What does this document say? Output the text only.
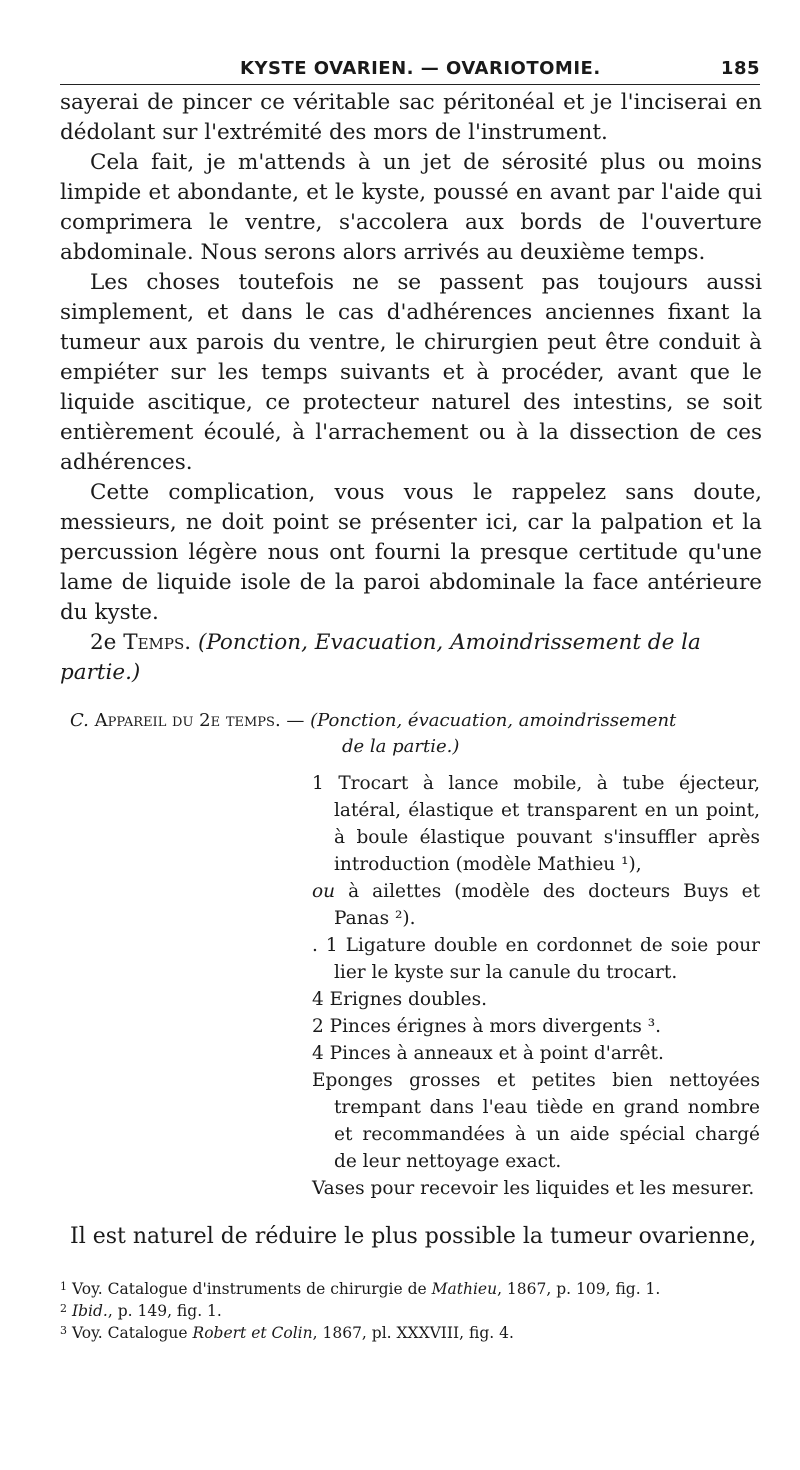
KYSTE OVARIEN. — OVARIOTOMIE.	185

sayerai de pincer ce véritable sac péritonéal et je l'inciserai en dédolant sur l'extrémité des mors de l'instrument.

Cela fait, je m'attends à un jet de sérosité plus ou moins limpide et abondante, et le kyste, poussé en avant par l'aide qui comprimera le ventre, s'accolera aux bords de l'ouverture abdominale. Nous serons alors arrivés au deuxième temps.

Les choses toutefois ne se passent pas toujours aussi simplement, et dans le cas d'adhérences anciennes fixant la tumeur aux parois du ventre, le chirurgien peut être conduit à empiéter sur les temps suivants et à procéder, avant que le liquide ascitique, ce protecteur naturel des intestins, se soit entièrement écoulé, à l'arrachement ou à la dissection de ces adhérences.

Cette complication, vous vous le rappelez sans doute, messieurs, ne doit point se présenter ici, car la palpation et la percussion légère nous ont fourni la presque certitude qu'une lame de liquide isole de la paroi abdominale la face antérieure du kyste.

2e Temps. (Ponction, Evacuation, Amoindrissement de la partie.)

C. Appareil du 2e temps. — (Ponction, évacuation, amoindrissement
de la partie.)

1 Trocart à lance mobile, à tube éjecteur, latéral, élastique et transparent en un point, à boule élastique pouvant s'insuffler après introduction (modèle Mathieu ¹),

ou à ailettes (modèle des docteurs Buys et Panas ²).

. 1 Ligature double en cordonnet de soie pour lier le kyste sur la canule du trocart.

4 Erignes doubles.

2 Pinces érignes à mors divergents ³.

4 Pinces à anneaux et à point d'arrêt.

Eponges grosses et petites bien nettoyées trempant dans l'eau tiède en grand nombre et recommandées à un aide spécial chargé de leur nettoyage exact.

Vases pour recevoir les liquides et les mesurer.

Il est naturel de réduire le plus possible la tumeur ovarienne,

1 Voy. Catalogue d'instruments de chirurgie de Mathieu, 1867, p. 109, fig. 1.

2 Ibid., p. 149, fig. 1.

3 Voy. Catalogue Robert et Colin, 1867, pl. XXXVIII, fig. 4.
